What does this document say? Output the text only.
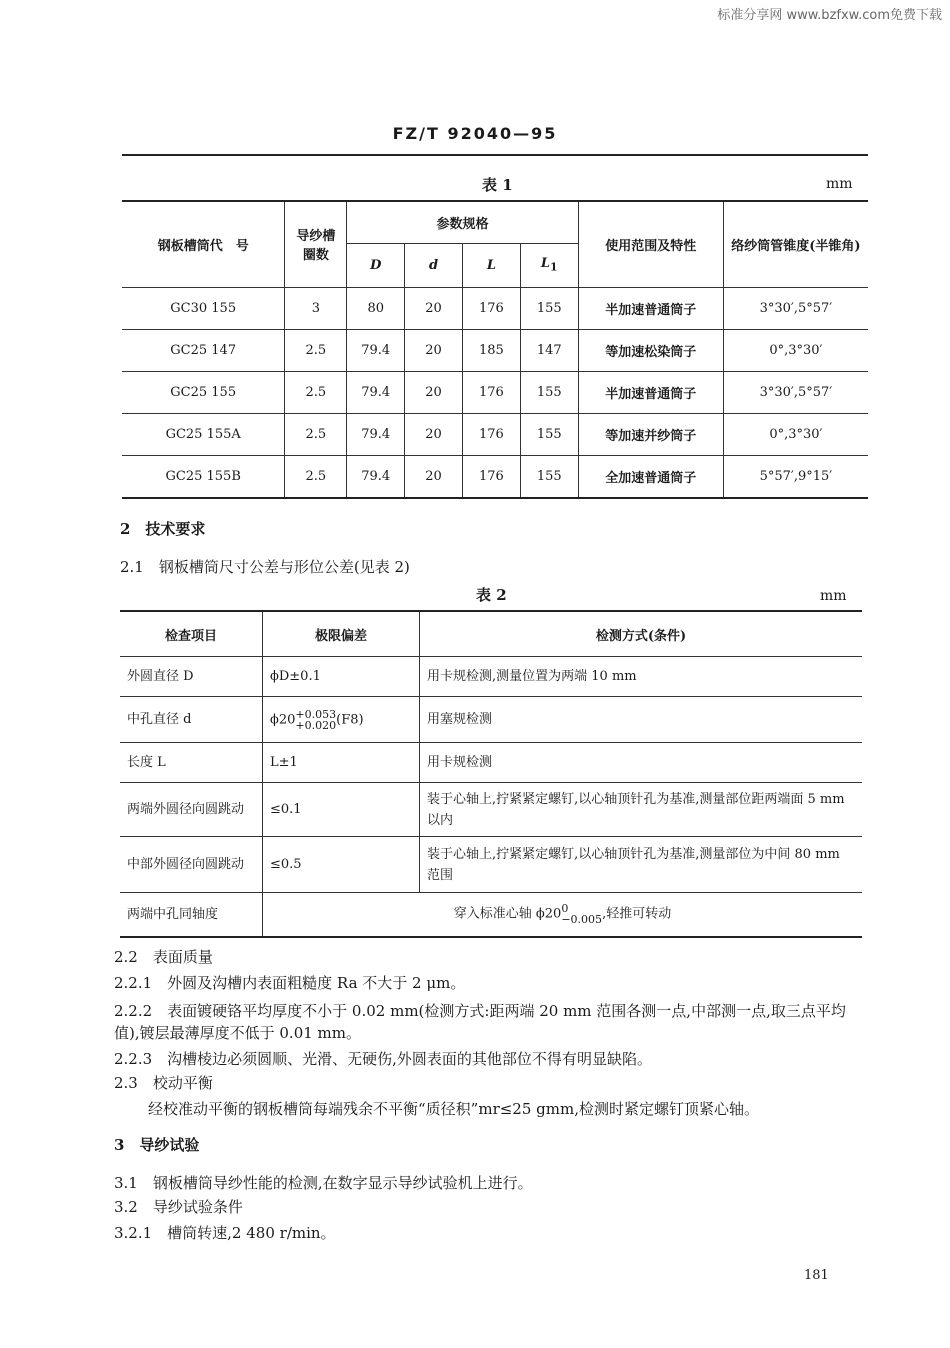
标准分享网 www.bzfxw.com免费下载
FZ/T 92040—95
表 1	mm
钢板槽筒代　号	导纱槽圈数	参数规格				使用范围及特性	络纱筒管锥度(半锥角)
		D	d	L	$L_1$
GC30 155	3	80	20	176	155	半加速普通筒子	3°30′,5°57′
GC25 147	2.5	79.4	20	185	147	等加速松染筒子	0°,3°30′
GC25 155	2.5	79.4	20	176	155	半加速普通筒子	3°30′,5°57′
GC25 155A	2.5	79.4	20	176	155	等加速并纱筒子	0°,3°30′
GC25 155B	2.5	79.4	20	176	155	全加速普通筒子	5°57′,9°15′
2　技术要求
2.1　钢板槽筒尺寸公差与形位公差(见表 2)
表 2	mm
检查项目	极限偏差	检测方式(条件)
外圆直径 D	ϕD±0.1	用卡规检测,测量位置为两端 10 mm
中孔直径 d	ϕ20+0.053
+0.020(F8)	用塞规检测
长度 L	L±1	用卡规检测
两端外圆径向圆跳动	≤0.1	装于心轴上,拧紧紧定螺钉,以心轴顶针孔为基准,测量部位距两端面 5 mm 以内
中部外圆径向圆跳动	≤0.5	装于心轴上,拧紧紧定螺钉,以心轴顶针孔为基准,测量部位为中间 80 mm 范围
两端中孔同轴度	穿入标准心轴 ϕ200
−0.005,轻推可转动	
2.2　表面质量
2.2.1　外圆及沟槽内表面粗糙度 Ra 不大于 2 μm。
2.2.2　表面镀硬铬平均厚度不小于 0.02 mm(检测方式:距两端 20 mm 范围各测一点,中部测一点,取三点平均值),镀层最薄厚度不低于 0.01 mm。
2.2.3　沟槽棱边必须圆顺、光滑、无硬伤,外圆表面的其他部位不得有明显缺陷。
2.3　校动平衡
经校准动平衡的钢板槽筒每端残余不平衡“质径积”mr≤25 gmm,检测时紧定螺钉顶紧心轴。
3　导纱试验
3.1　钢板槽筒导纱性能的检测,在数字显示导纱试验机上进行。
3.2　导纱试验条件
3.2.1　槽筒转速,2 480 r/min。
181
